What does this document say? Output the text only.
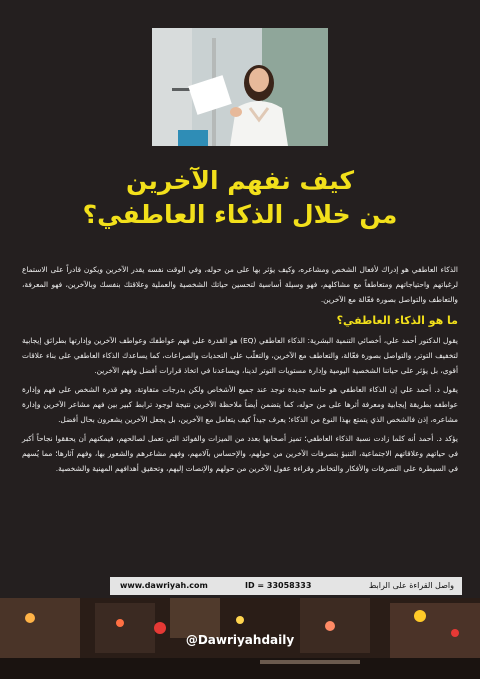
كيف نفهم الآخرين
من خلال الذكاء العاطفي؟

الذكاء العاطفي هو إدراك لأفعال الشخص ومشاعره، وكيف يؤثر بها على من حوله، وفي الوقت نفسه يقدر الآخرين ويكون قادراً على الاستماع لرغباتهم واحتياجاتهم ومتعاطفاً مع مشاكلهم، فهو وسيلة أساسية لتحسين حياتك الشخصية والعملية وعلاقتك بنفسك وبالآخرين، فهو المعرفة، والتعاطف والتواصل بصورة فعّالة مع الآخرين.

ما هو الذكاء العاطفي؟

يقول الدكتور أحمد علي، أخصائي التنمية البشرية: الذكاء العاطفي (EQ) هو القدرة على فهم عواطفك وعواطف الآخرين وإدارتها بطرائق إيجابية لتخفيف التوتر، والتواصل بصورة فعّالة، والتعاطف مع الآخرين، والتغلّب على التحديات والصراعات، كما يساعدك الذكاء العاطفي على بناء علاقات أقوى، بل يؤثر على حياتنا الشخصية اليومية وإدارة مستويات التوتر لدينا، ويساعدنا في اتخاذ قرارات أفضل وفهم الآخرين.

يقول د. أحمد علي إن الذكاء العاطفي هو حاسة جديدة توجد عند جميع الأشخاص ولكن بدرجات متفاوتة، وهو قدرة الشخص على فهم وإدارة عواطفه بطريقة إيجابية ومعرفة أثرها على من حوله، كما يتضمن أيضاً ملاحظة الآخرين نتيجة لوجود ترابط كبير بين فهم مشاعر الآخرين وإدارة مشاعره، إذن فالشخص الذي يتمتع بهذا النوع من الذكاء؛ يعرف جيداً كيف يتعامل مع الآخرين، بل يجعل الآخرين يشعرون بحال أفضل.

يؤكد د. أحمد أنه كلما زادت نسبة الذكاء العاطفي؛ تميز أصحابها بعدد من الميزات والفوائد التي تعمل لصالحهم، فيمكنهم أن يحققوا نجاحاً أكبر في حياتهم وعلاقاتهم الاجتماعية، التنبؤ بتصرفات الآخرين من حولهم، والإحساس بآلامهم، وفهم مشاعرهم والشعور بها، وفهم آثارها؛ مما يُسهم في السيطرة على التصرفات والأفكار والتخاطر وقراءة عقول الآخرين من حولهم والإنصات إليهم، وتحقيق أهدافهم المهنية والشخصية.

واصل القراءة على الرابط
ID = 33058333
www.dawriyah.com
@Dawriyahdaily
